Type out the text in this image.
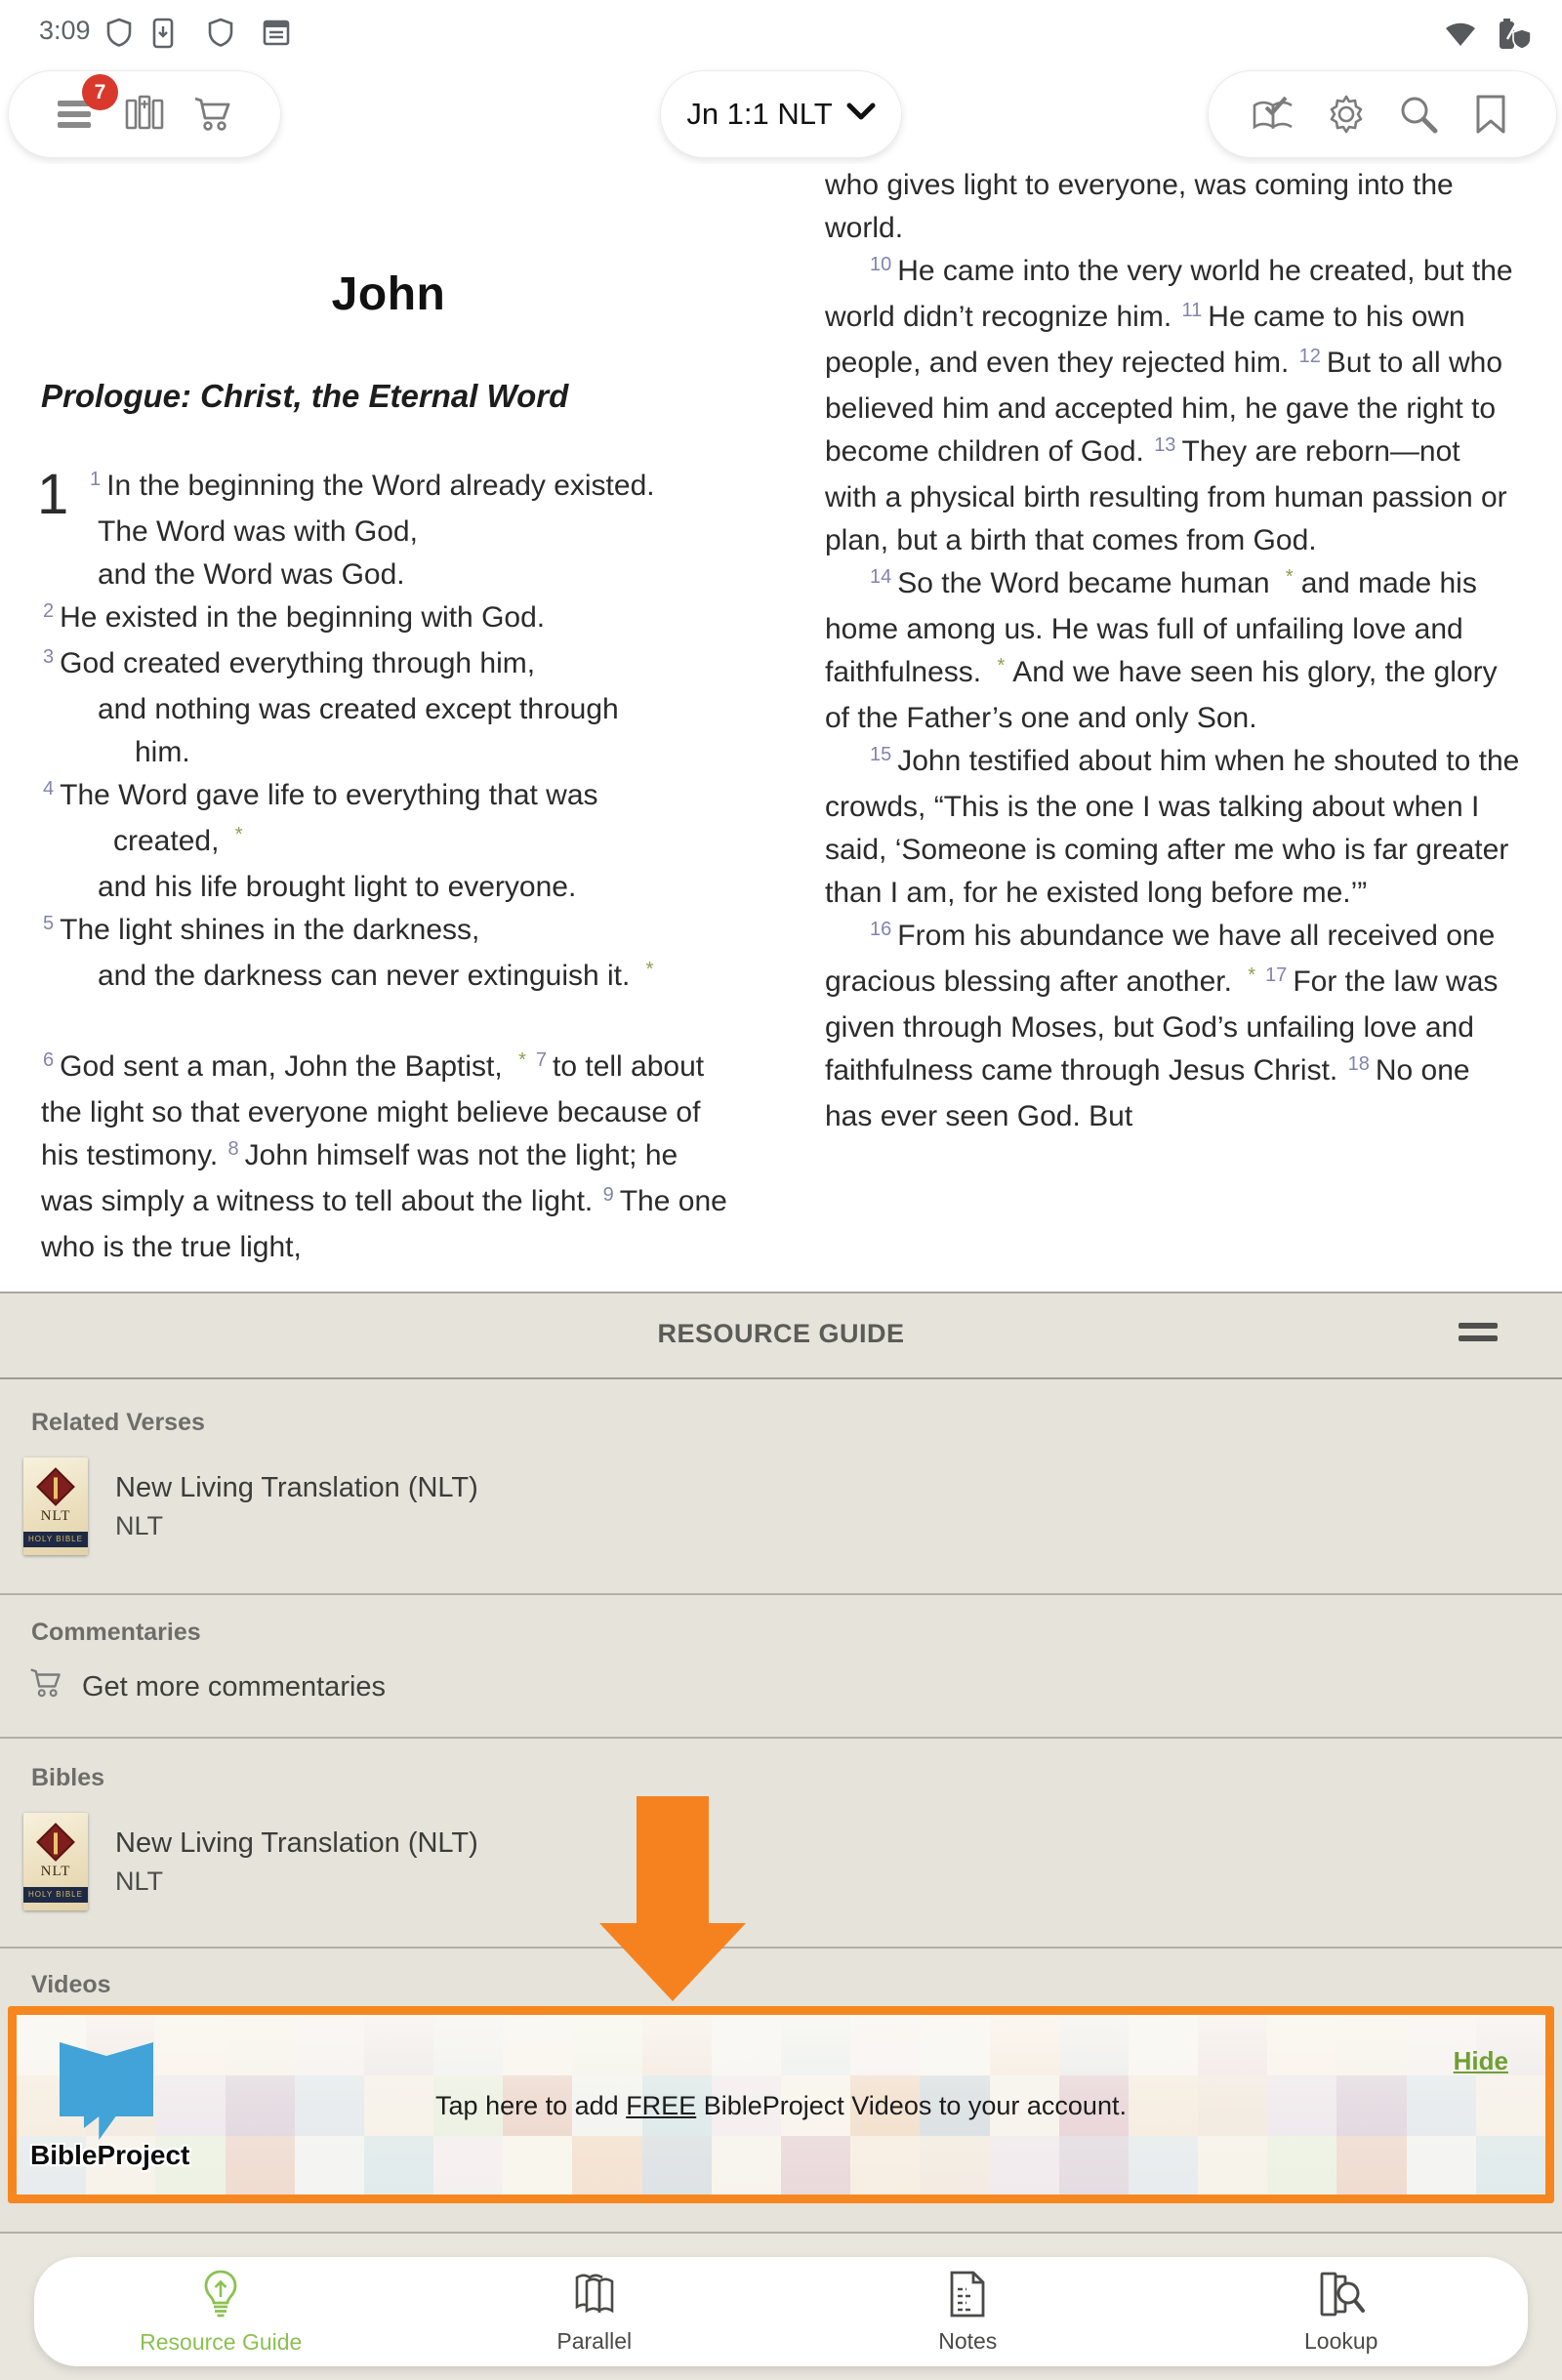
3:09
7
Jn 1:1 NLT
John
Prologue: Christ, the Eternal Word
1	$^1$ In the beginning the Word already existed.
The Word was with God,
and the Word was God.
$^2$ He existed in the beginning with God.
$^3$ God created everything through him,
and nothing was created except through
him.
$^4$ The Word gave life to everything that was
created, *
and his life brought light to everyone.
$^5$ The light shines in the darkness,
and the darkness can never extinguish it. *
$^6$ God sent a man, John the Baptist, * $^7$ to tell about the light so that everyone might believe because of his testimony. $^8$ John himself was not the light; he was simply a witness to tell about the light. $^9$ The one who is the true light,
who gives light to everyone, was coming into the world.
$^{10}$ He came into the very world he created, but the world didn’t recognize him. $^{11}$ He came to his own people, and even they rejected him. $^{12}$ But to all who believed him and accepted him, he gave the right to become children of God. $^{13}$ They are reborn—not with a physical birth resulting from human passion or plan, but a birth that comes from God.
$^{14}$ So the Word became human * and made his home among us. He was full of unfailing love and faithfulness. * And we have seen his glory, the glory of the Father’s one and only Son.
$^{15}$ John testified about him when he shouted to the crowds, “This is the one I was talking about when I said, ‘Someone is coming after me who is far greater than I am, for he existed long before me.’”
$^{16}$ From his abundance we have all received one gracious blessing after another. * $^{17}$ For the law was given through Moses, but God’s unfailing love and faithfulness came through Jesus Christ. $^{18}$ No one has ever seen God. But
RESOURCE GUIDE
Related Verses
NLT
HOLY BIBLE
New Living Translation (NLT)
NLT
Commentaries
Get more commentaries
Bibles
NLT
HOLY BIBLE
New Living Translation (NLT)
NLT
Videos
BibleProject
Tap here to add FREE BibleProject Videos to your account.
Hide
Resource Guide	Parallel	Notes	Lookup
